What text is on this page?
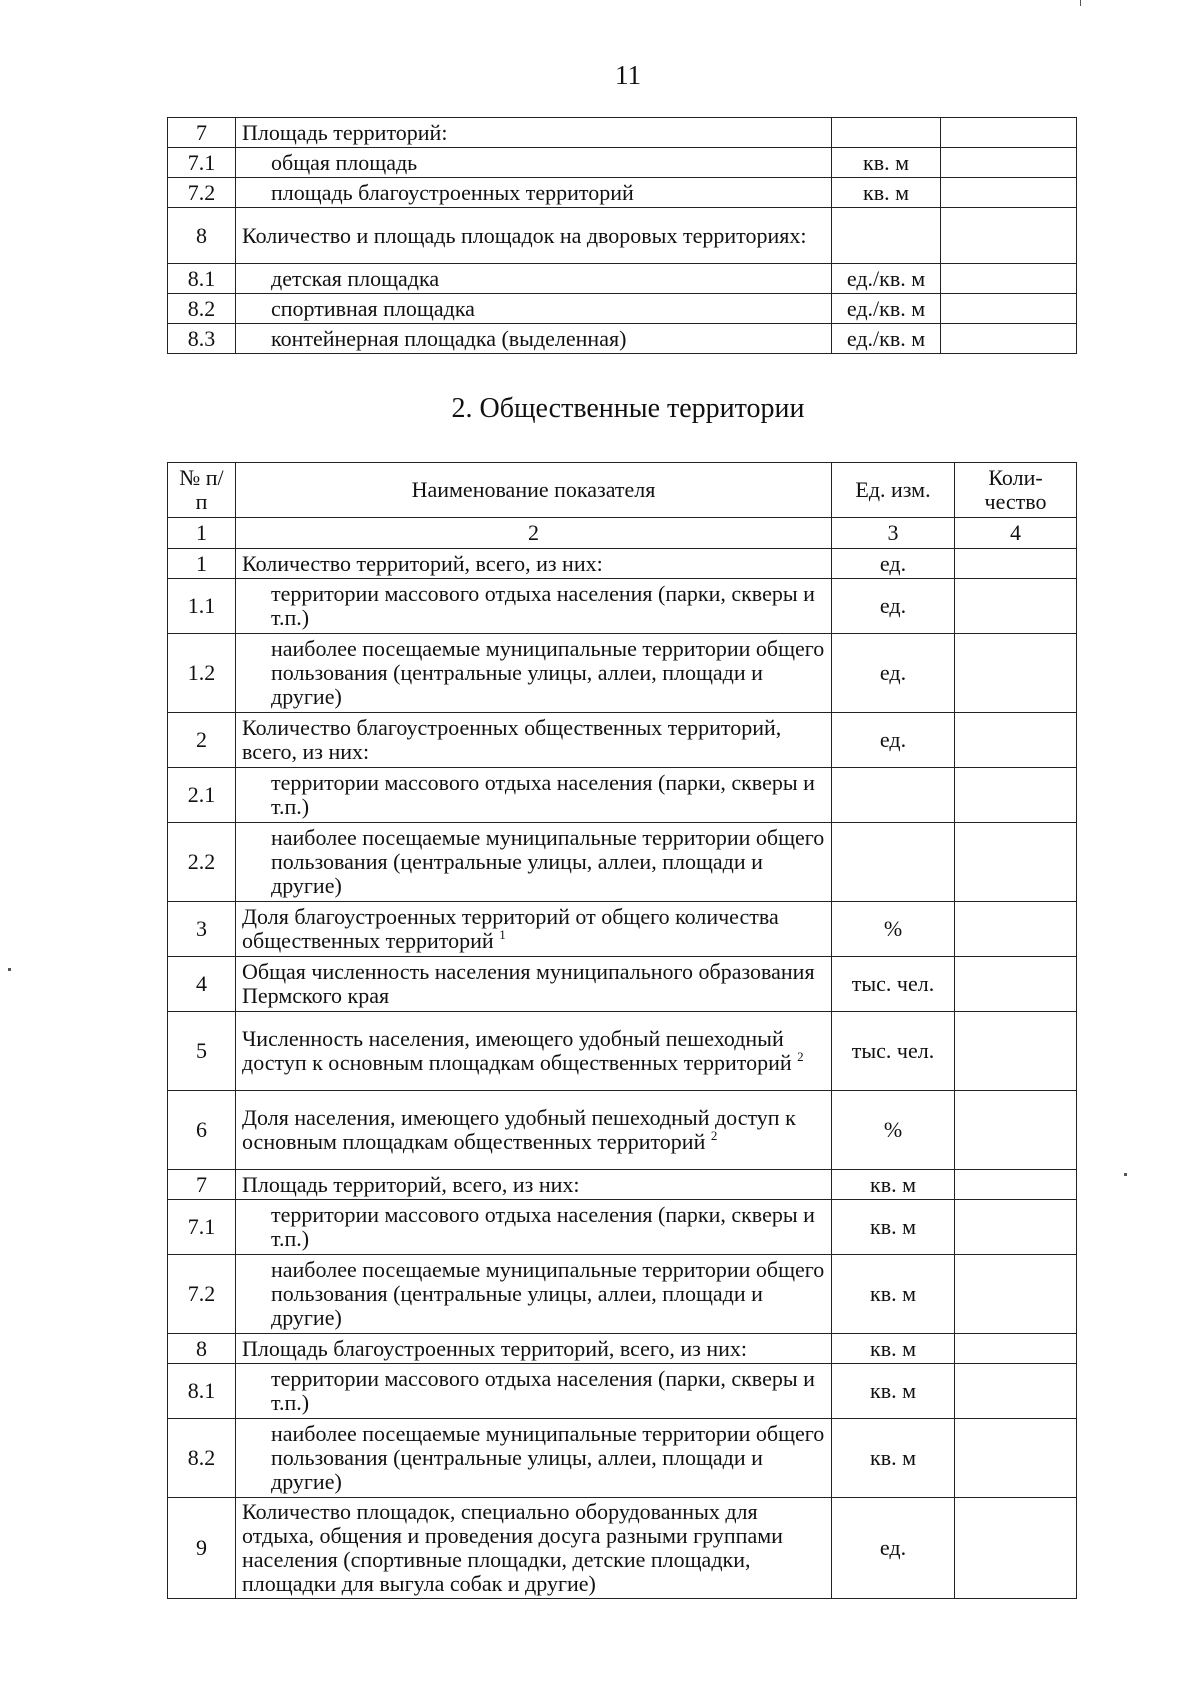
11
7	Площадь территорий:		
7.1	общая площадь	кв. м	
7.2	площадь благоустроенных территорий	кв. м	
8	Количество и площадь площадок на дворовых территориях:		
8.1	детская площадка	ед./кв. м	
8.2	спортивная площадка	ед./кв. м	
8.3	контейнерная площадка (выделенная)	ед./кв. м	
2. Общественные территории
№ п/п	Наименование показателя	Ед. изм.	Коли-чество
1	2	3	4
1	Количество территорий, всего, из них:	ед.	
1.1	территории массового отдыха населения (парки, скверы и т.п.)	ед.	
1.2	наиболее посещаемые муниципальные территории общего пользования (центральные улицы, аллеи, площади и другие)	ед.	
2	Количество благоустроенных общественных территорий, всего, из них:	ед.	
2.1	территории массового отдыха населения (парки, скверы и т.п.)		
2.2	наиболее посещаемые муниципальные территории общего пользования (центральные улицы, аллеи, площади и другие)		
3	Доля благоустроенных территорий от общего количества общественных территорий $^1$	%	
4	Общая численность населения муниципального образования Пермского края	тыс. чел.	
5	Численность населения, имеющего удобный пешеходный доступ к основным площадкам общественных территорий $^2$	тыс. чел.	
6	Доля населения, имеющего удобный пешеходный доступ к основным площадкам общественных территорий $^2$	%	
7	Площадь территорий, всего, из них:	кв. м	
7.1	территории массового отдыха населения (парки, скверы и т.п.)	кв. м	
7.2	наиболее посещаемые муниципальные территории общего пользования (центральные улицы, аллеи, площади и другие)	кв. м	
8	Площадь благоустроенных территорий, всего, из них:	кв. м	
8.1	территории массового отдыха населения (парки, скверы и т.п.)	кв. м	
8.2	наиболее посещаемые муниципальные территории общего пользования (центральные улицы, аллеи, площади и другие)	кв. м	
9	Количество площадок, специально оборудованных для отдыха, общения и проведения досуга разными группами населения (спортивные площадки, детские площадки, площадки для выгула собак и другие)	ед.	
